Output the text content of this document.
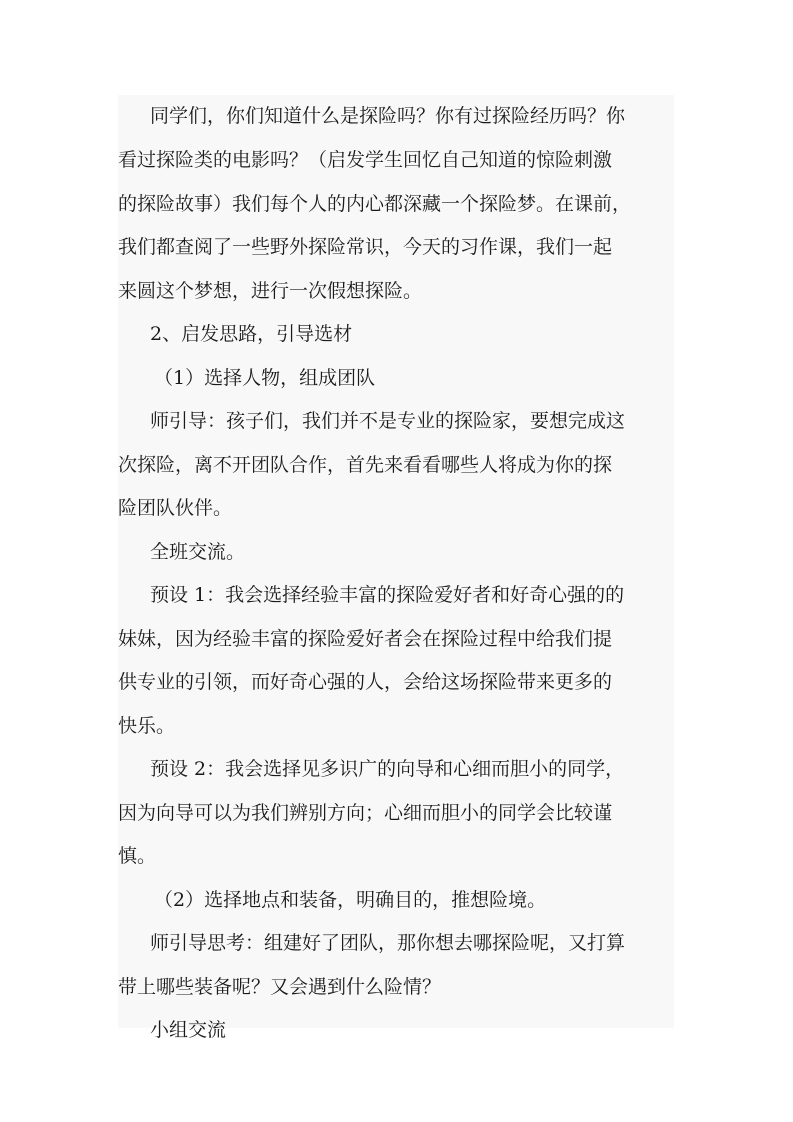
同学们，你们知道什么是探险吗？你有过探险经历吗？你

看过探险类的电影吗？（启发学生回忆自己知道的惊险刺激

的探险故事）我们每个人的内心都深藏一个探险梦。在课前，

我们都查阅了一些野外探险常识，今天的习作课，我们一起

来圆这个梦想，进行一次假想探险。

2、启发思路，引导选材

（1）选择人物，组成团队

师引导：孩子们，我们并不是专业的探险家，要想完成这

次探险，离不开团队合作，首先来看看哪些人将成为你的探

险团队伙伴。

全班交流。

预设 1：我会选择经验丰富的探险爱好者和好奇心强的的

妹妹，因为经验丰富的探险爱好者会在探险过程中给我们提

供专业的引领，而好奇心强的人，会给这场探险带来更多的

快乐。

预设 2：我会选择见多识广的向导和心细而胆小的同学，

因为向导可以为我们辨别方向；心细而胆小的同学会比较谨

慎。

（2）选择地点和装备，明确目的，推想险境。

师引导思考：组建好了团队，那你想去哪探险呢，又打算

带上哪些装备呢？又会遇到什么险情？

小组交流
